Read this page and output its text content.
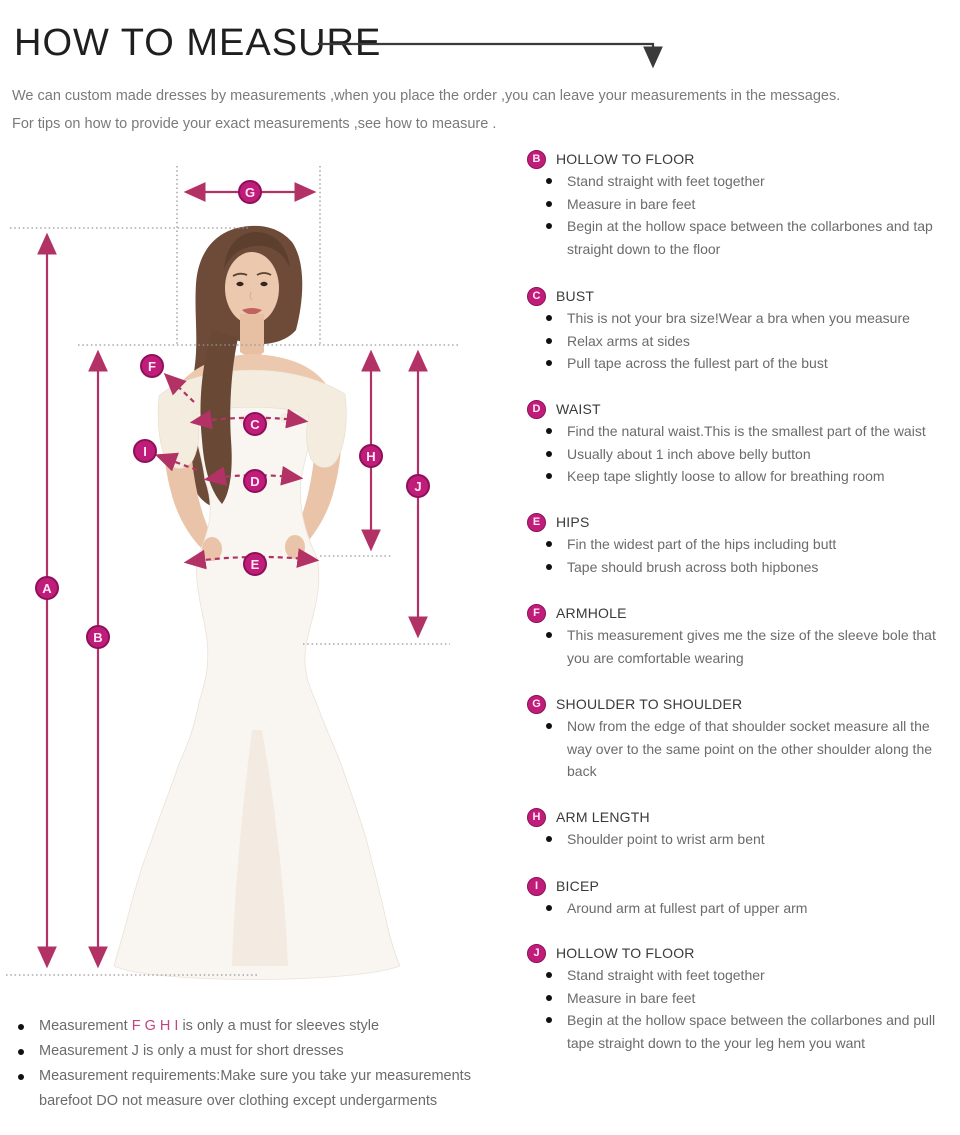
HOW TO MEASURE
We can custom made dresses by measurements ,when you place the order ,you can leave your measurements in the messages.
For tips on how to provide your exact measurements ,see how to measure .
A
B
C
D
E
F
G
H
I
J
B	HOLLOW TO FLOOR
Stand straight with feet together
Measure in bare feet
Begin at the hollow space between the collarbones and tap straight down to the floor
C	BUST
This is not your bra size!Wear a bra when you measure
Relax arms at sides
Pull tape across the fullest part of the bust
D	WAIST
Find the natural waist.This is the smallest part of the waist
Usually about 1 inch above belly button
Keep tape slightly loose to allow for breathing room
E	HIPS
Fin the widest part of the hips including butt
Tape should brush across both hipbones
F	ARMHOLE
This measurement gives me the size of the sleeve bole that you are comfortable wearing
G	SHOULDER TO SHOULDER
Now from the edge of that shoulder socket measure all the way over to the same point on the other shoulder along the back
H	ARM LENGTH
Shoulder point to wrist arm bent
I	BICEP
Around arm at fullest part of upper arm
J	HOLLOW TO FLOOR
Stand straight with feet together
Measure in bare feet
Begin at the hollow space between the collarbones and pull tape straight down to the your leg hem you want
Measurement F G H I is only a must for sleeves style
Measurement J is only a must for short dresses
Measurement requirements:Make sure you take yur measurements barefoot DO not measure over clothing except undergarments
